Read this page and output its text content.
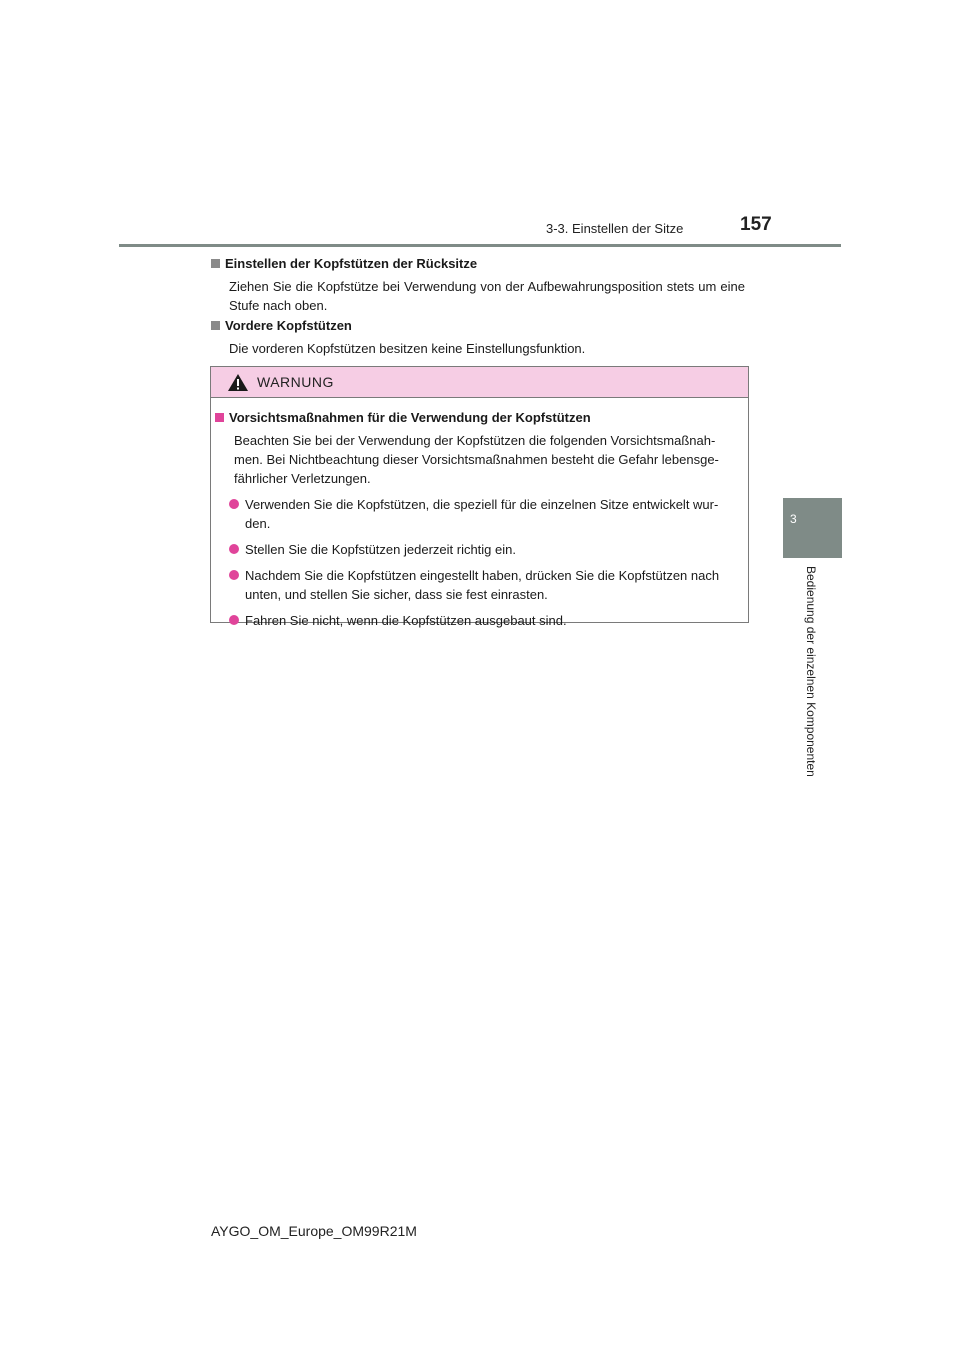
3-3. Einstellen der Sitze	157
3
Bedienung der einzelnen Komponenten
Einstellen der Kopfstützen der Rücksitze
Ziehen Sie die Kopfstütze bei Verwendung von der Aufbewahrungsposition stets um eine Stufe nach oben.
Vordere Kopfstützen
Die vorderen Kopfstützen besitzen keine Einstellungsfunktion.
WARNUNG
Vorsichtsmaßnahmen für die Verwendung der Kopfstützen
Beachten Sie bei der Verwendung der Kopfstützen die folgenden Vorsichtsmaßnah-men. Bei Nichtbeachtung dieser Vorsichtsmaßnahmen besteht die Gefahr lebensge-fährlicher Verletzungen.
Verwenden Sie die Kopfstützen, die speziell für die einzelnen Sitze entwickelt wur-den.
Stellen Sie die Kopfstützen jederzeit richtig ein.
Nachdem Sie die Kopfstützen eingestellt haben, drücken Sie die Kopfstützen nach unten, und stellen Sie sicher, dass sie fest einrasten.
Fahren Sie nicht, wenn die Kopfstützen ausgebaut sind.
AYGO_OM_Europe_OM99R21M
